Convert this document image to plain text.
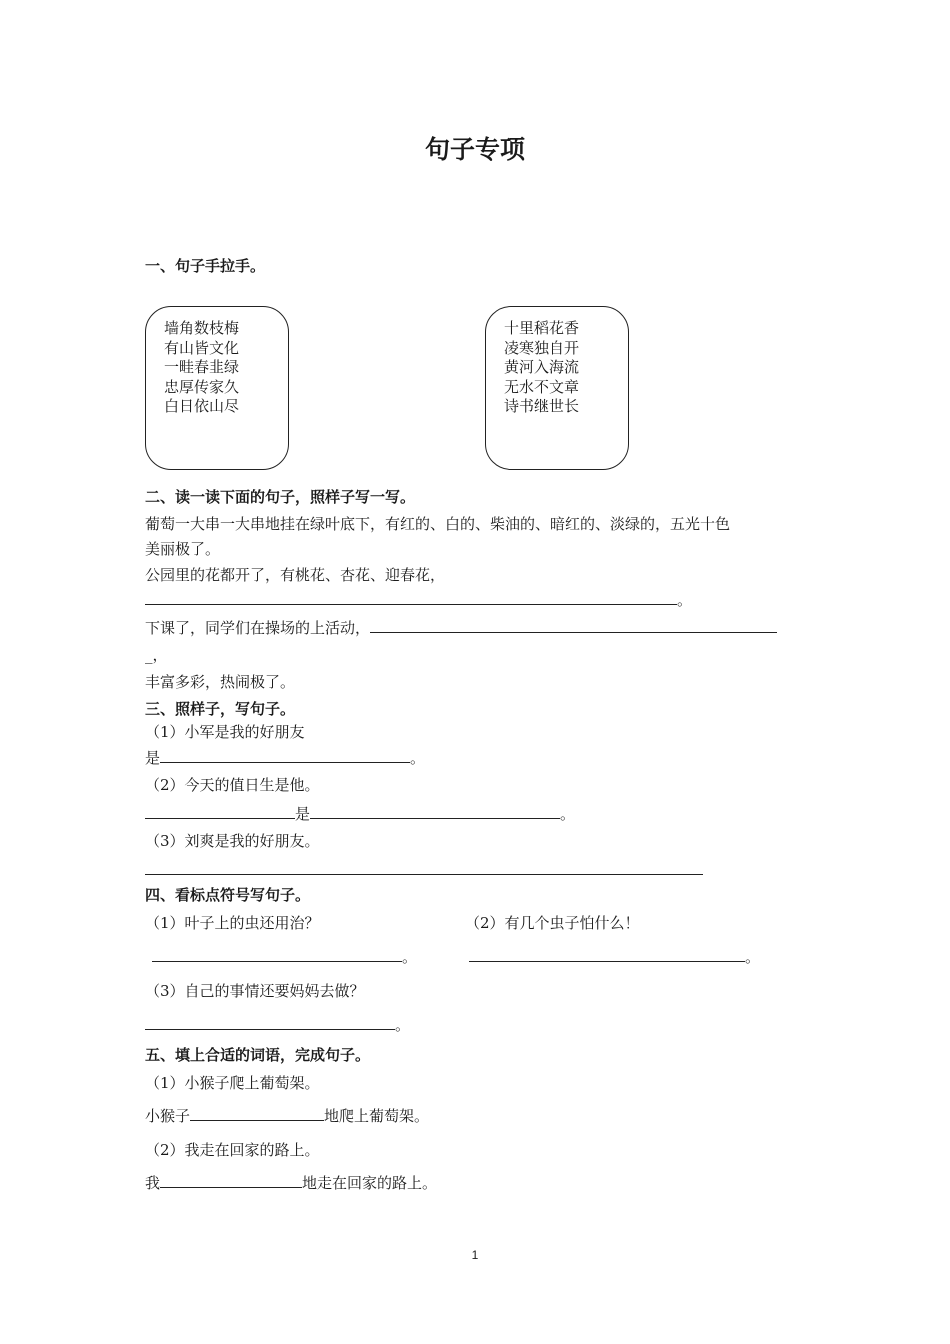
句子专项
一、句子手拉手。
墙角数枝梅
有山皆文化
一畦春韭绿
忠厚传家久
白日依山尽
十里稻花香
凌寒独自开
黄河入海流
无水不文章
诗书继世长
二、读一读下面的句子，照样子写一写。
葡萄一大串一大串地挂在绿叶底下，有红的、白的、柴油的、暗红的、淡绿的，五光十色
美丽极了。
公园里的花都开了，有桃花、杏花、迎春花，
。
下课了，同学们在操场的上活动，
_，
丰富多彩，热闹极了。
三、照样子，写句子。
（1）小军是我的好朋友
是	。
（2）今天的值日生是他。
是	。
（3）刘爽是我的好朋友。
四、看标点符号写句子。
（1）叶子上的虫还用治？	（2）有几个虫子怕什么！
。	。
（3）自己的事情还要妈妈去做？
。
五、填上合适的词语，完成句子。
（1）小猴子爬上葡萄架。
小猴子	地爬上葡萄架。
（2）我走在回家的路上。
我	地走在回家的路上。
1
